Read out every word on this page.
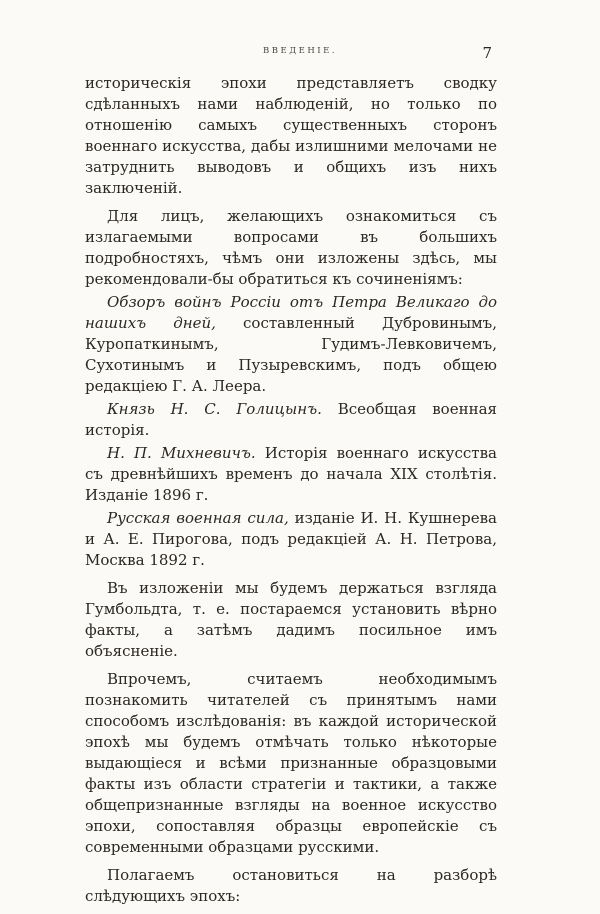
ВВЕДЕНІЕ.	7

историческія эпохи представляетъ сводку сдѣланныхъ нами наблюденій, но только по отношенію самыхъ существенныхъ сторонъ военнаго искусства, дабы излишними мелочами не затруднить выводовъ и общихъ изъ нихъ заключеній.

Для лицъ, желающихъ ознакомиться съ излагаемыми вопросами въ большихъ подробностяхъ, чѣмъ они изложены здѣсь, мы рекомендовали-бы обратиться къ сочиненіямъ:

Обзоръ войнъ Россіи отъ Петра Великаго до нашихъ дней, составленный Дубровинымъ, Куропаткинымъ, Гудимъ-Левковичемъ, Сухотинымъ и Пузыревскимъ, подъ общею редакціею Г. А. Леера.

Князь Н. С. Голицынъ. Всеобщая военная исторія.

Н. П. Михневичъ. Исторія военнаго искусства съ древнѣйшихъ временъ до начала XIX столѣтія. Изданіе 1896 г.

Русская военная сила, изданіе И. Н. Кушнерева и А. Е. Пирогова, подъ редакціей А. Н. Петрова, Москва 1892 г.

Въ изложеніи мы будемъ держаться взгляда Гумбольдта, т. е. постараемся установить вѣрно факты, а затѣмъ дадимъ посильное имъ объясненіе.

Впрочемъ, считаемъ необходимымъ познакомить читателей съ принятымъ нами способомъ изслѣдованія: въ каждой исторической эпохѣ мы будемъ отмѣчать только нѣкоторые выдающіеся и всѣми признанные образцовыми факты изъ области стратегіи и тактики, а также общепризнанные взгляды на военное искусство эпохи, сопоставляя образцы европейскіе съ современными образцами русскими.

Полагаемъ остановиться на разборѣ слѣдующихъ эпохъ:
